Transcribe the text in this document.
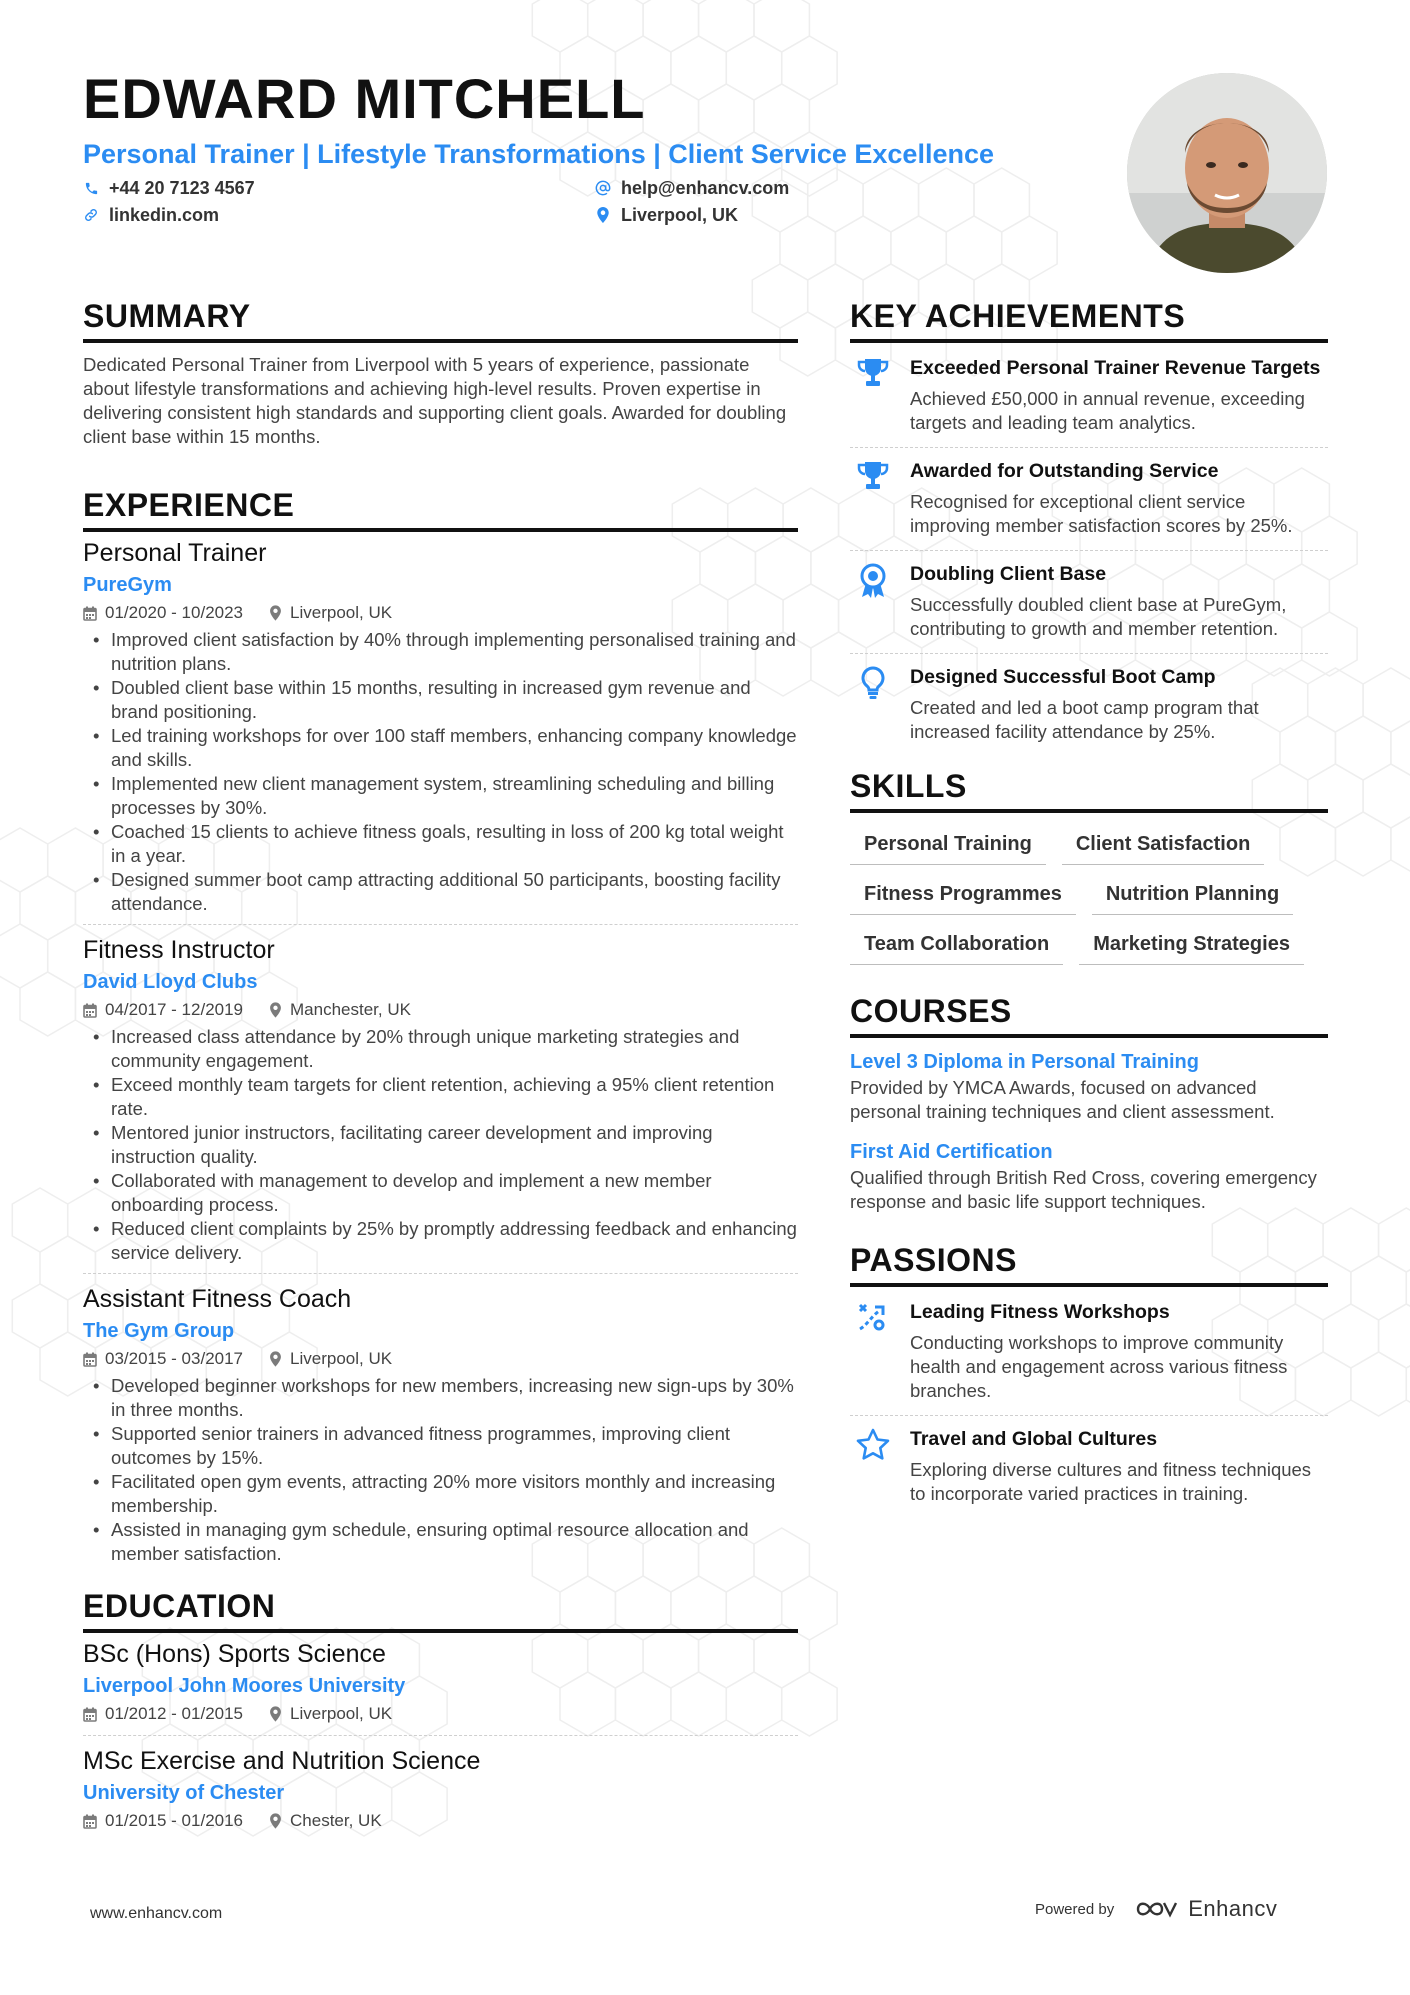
EDWARD MITCHELL
Personal Trainer | Lifestyle Transformations | Client Service Excellence
+44 20 7123 4567	help@enhancv.com
linkedin.com	Liverpool, UK
SUMMARY

Dedicated Personal Trainer from Liverpool with 5 years of experience, passionate about lifestyle transformations and achieving high-level results. Proven expertise in delivering consistent high standards and supporting client goals. Awarded for doubling client base within 15 months.

EXPERIENCE
Personal Trainer
PureGym
01/2020 - 10/2023	Liverpool, UK
• Improved client satisfaction by 40% through implementing personalised training and nutrition plans.
• Doubled client base within 15 months, resulting in increased gym revenue and brand positioning.
• Led training workshops for over 100 staff members, enhancing company knowledge and skills.
• Implemented new client management system, streamlining scheduling and billing processes by 30%.
• Coached 15 clients to achieve fitness goals, resulting in loss of 200 kg total weight in a year.
• Designed summer boot camp attracting additional 50 participants, boosting facility attendance.
Fitness Instructor
David Lloyd Clubs
04/2017 - 12/2019	Manchester, UK
• Increased class attendance by 20% through unique marketing strategies and community engagement.
• Exceed monthly team targets for client retention, achieving a 95% client retention rate.
• Mentored junior instructors, facilitating career development and improving instruction quality.
• Collaborated with management to develop and implement a new member onboarding process.
• Reduced client complaints by 25% by promptly addressing feedback and enhancing service delivery.
Assistant Fitness Coach
The Gym Group
03/2015 - 03/2017	Liverpool, UK
• Developed beginner workshops for new members, increasing new sign-ups by 30% in three months.
• Supported senior trainers in advanced fitness programmes, improving client outcomes by 15%.
• Facilitated open gym events, attracting 20% more visitors monthly and increasing membership.
• Assisted in managing gym schedule, ensuring optimal resource allocation and member satisfaction.
EDUCATION
BSc (Hons) Sports Science
Liverpool John Moores University
01/2012 - 01/2015	Liverpool, UK
MSc Exercise and Nutrition Science
University of Chester
01/2015 - 01/2016	Chester, UK
KEY ACHIEVEMENTS
Exceeded Personal Trainer Revenue Targets
Achieved £50,000 in annual revenue, exceeding targets and leading team analytics.
Awarded for Outstanding Service
Recognised for exceptional client service improving member satisfaction scores by 25%.
Doubling Client Base
Successfully doubled client base at PureGym, contributing to growth and member retention.
Designed Successful Boot Camp
Created and led a boot camp program that increased facility attendance by 25%.
SKILLS
Personal Training	Client Satisfaction
Fitness Programmes	Nutrition Planning
Team Collaboration	Marketing Strategies
COURSES
Level 3 Diploma in Personal Training
Provided by YMCA Awards, focused on advanced personal training techniques and client assessment.
First Aid Certification
Qualified through British Red Cross, covering emergency response and basic life support techniques.
PASSIONS
Leading Fitness Workshops
Conducting workshops to improve community health and engagement across various fitness branches.
Travel and Global Cultures
Exploring diverse cultures and fitness techniques to incorporate varied practices in training.
www.enhancv.com	Powered by	Enhancv
